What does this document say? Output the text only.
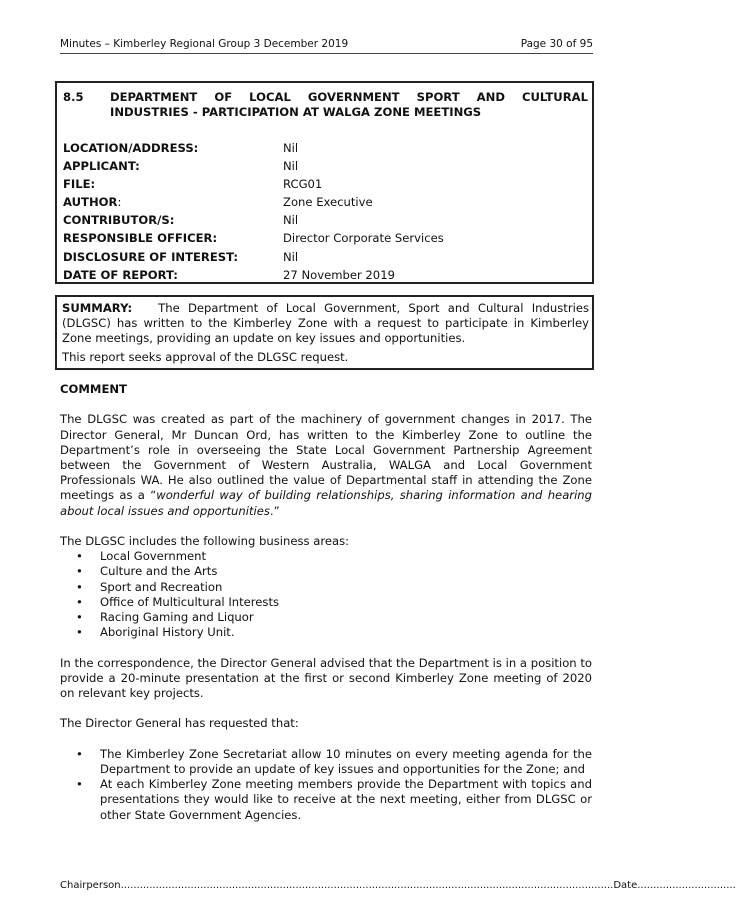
Minutes – Kimberley Regional Group 3 December 2019	Page 30 of 95
8.5 DEPARTMENT OF LOCAL GOVERNMENT SPORT AND CULTURAL INDUSTRIES - PARTICIPATION AT WALGA ZONE MEETINGS
LOCATION/ADDRESS:	Nil
APPLICANT:	Nil
FILE:	RCG01
AUTHOR:	Zone Executive
CONTRIBUTOR/S:	Nil
RESPONSIBLE OFFICER:	Director Corporate Services
DISCLOSURE OF INTEREST:	Nil
DATE OF REPORT:	27 November 2019

SUMMARY: The Department of Local Government, Sport and Cultural Industries (DLGSC) has written to the Kimberley Zone with a request to participate in Kimberley Zone meetings, providing an update on key issues and opportunities.

This report seeks approval of the DLGSC request.

COMMENT

The DLGSC was created as part of the machinery of government changes in 2017. The Director General, Mr Duncan Ord, has written to the Kimberley Zone to outline the Department’s role in overseeing the State Local Government Partnership Agreement between the Government of Western Australia, WALGA and Local Government Professionals WA. He also outlined the value of Departmental staff in attending the Zone meetings as a “wonderful way of building relationships, sharing information and hearing about local issues and opportunities.”

The DLGSC includes the following business areas:

• Local Government
• Culture and the Arts
• Sport and Recreation
• Office of Multicultural Interests
• Racing Gaming and Liquor
• Aboriginal History Unit.

In the correspondence, the Director General advised that the Department is in a position to provide a 20-minute presentation at the first or second Kimberley Zone meeting of 2020 on relevant key projects.

The Director General has requested that:

• The Kimberley Zone Secretariat allow 10 minutes on every meeting agenda for the Department to provide an update of key issues and opportunities for the Zone; and
• At each Kimberley Zone meeting members provide the Department with topics and presentations they would like to receive at the next meeting, either from DLGSC or other State Government Agencies.
Chairperson...........................................................................................................................................................Date...............................
